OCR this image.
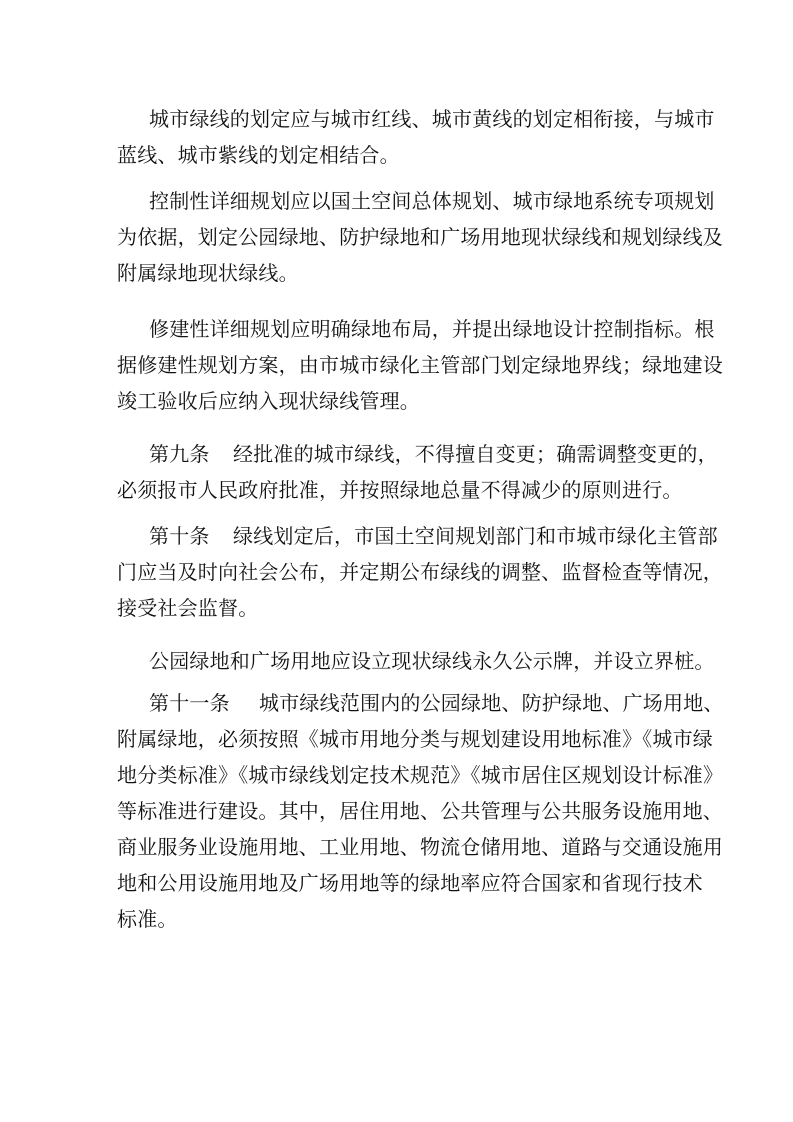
城市绿线的划定应与城市红线、城市黄线的划定相衔接，与城市
蓝线、城市紫线的划定相结合。
控制性详细规划应以国土空间总体规划、城市绿地系统专项规划
为依据，划定公园绿地、防护绿地和广场用地现状绿线和规划绿线及
附属绿地现状绿线。
修建性详细规划应明确绿地布局，并提出绿地设计控制指标。根
据修建性规划方案，由市城市绿化主管部门划定绿地界线；绿地建设
竣工验收后应纳入现状绿线管理。
第九条 经批准的城市绿线，不得擅自变更；确需调整变更的，
必须报市人民政府批准，并按照绿地总量不得减少的原则进行。
第十条 绿线划定后，市国土空间规划部门和市城市绿化主管部
门应当及时向社会公布，并定期公布绿线的调整、监督检查等情况，
接受社会监督。
公园绿地和广场用地应设立现状绿线永久公示牌，并设立界桩。
第十一条 城市绿线范围内的公园绿地、防护绿地、广场用地、
附属绿地，必须按照《城市用地分类与规划建设用地标准》《城市绿
地分类标准》《城市绿线划定技术规范》《城市居住区规划设计标准》
等标准进行建设。其中，居住用地、公共管理与公共服务设施用地、
商业服务业设施用地、工业用地、物流仓储用地、道路与交通设施用
地和公用设施用地及广场用地等的绿地率应符合国家和省现行技术
标准。
